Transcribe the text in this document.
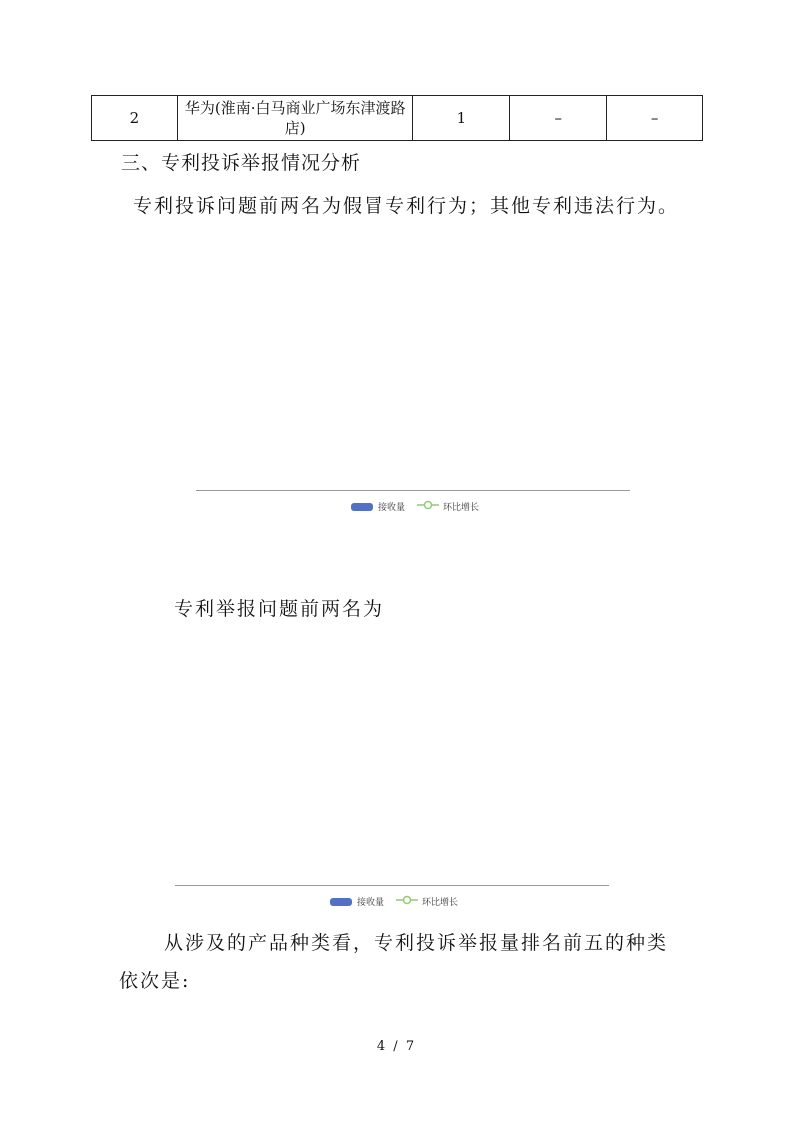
2	华为(淮南·白马商业广场东津渡路店)	1	–	–
三、专利投诉举报情况分析
专利投诉问题前两名为假冒专利行为；其他专利违法行为。
接收量	环比增长
专利举报问题前两名为
接收量	环比增长
从涉及的产品种类看，专利投诉举报量排名前五的种类
依次是:
4 / 7
